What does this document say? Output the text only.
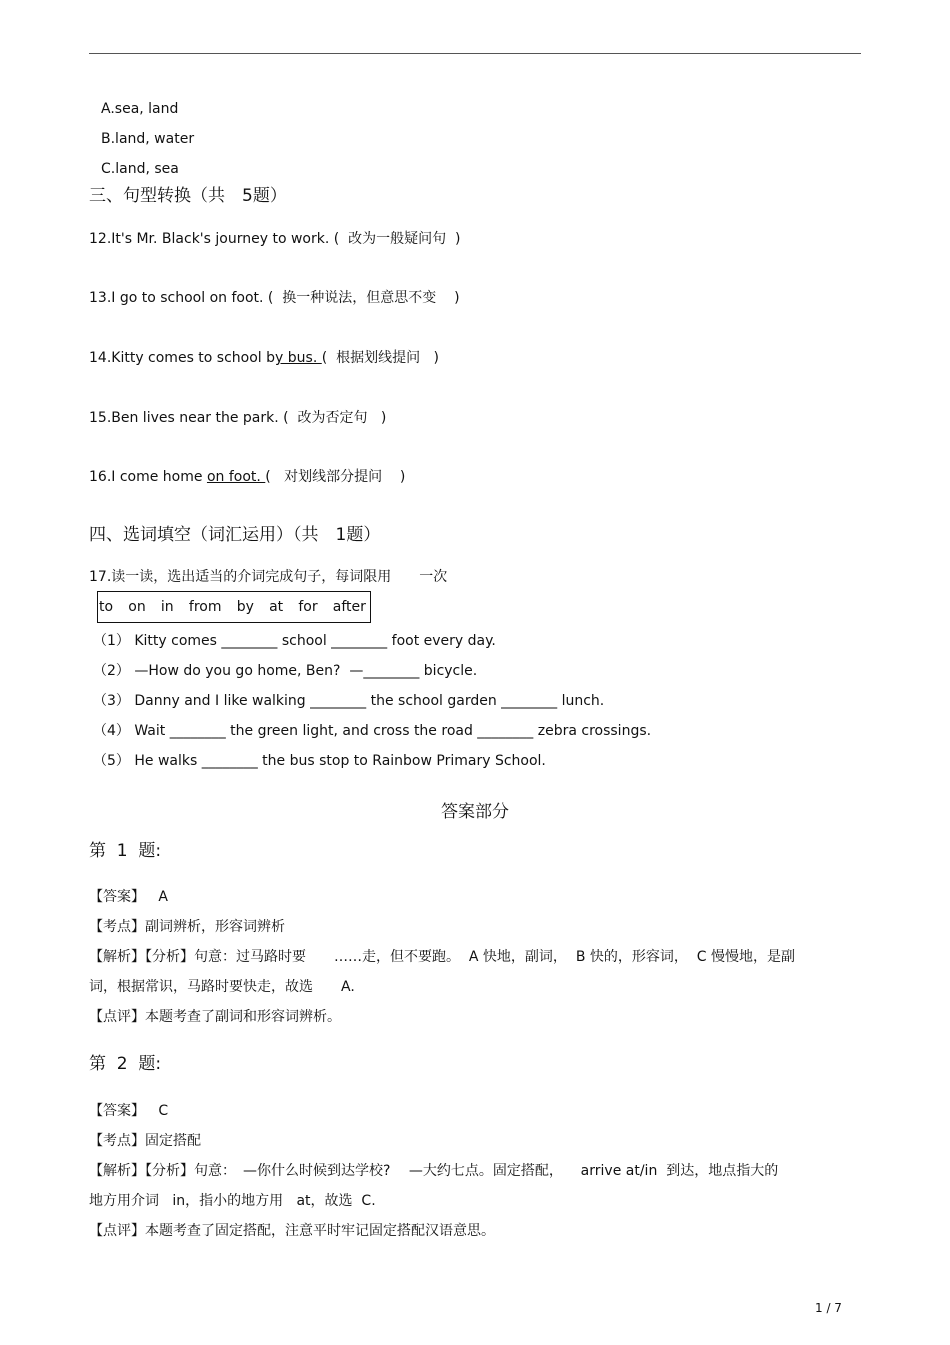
A.sea, land
B.land, water
C.land, sea
三、句型转换（共　5题）
12.It's Mr. Black's journey to work. (  改为一般疑问句  )
13.I go to school on foot. (  换一种说法，但意思不变    )
14.Kitty comes to school by bus. (  根据划线提问   )
15.Ben lives near the park. (  改为否定句   )
16.I come home on foot. (   对划线部分提问    )
四、选词填空（词汇运用）（共　1题）
17.读一读，选出适当的介词完成句子，每词限用　　一次
to on in from by at for after
（1） Kitty comes ________ school ________ foot every day.
（2） —How do you go home, Ben?  —________ bicycle.
（3） Danny and I like walking ________ the school garden ________ lunch.
（4） Wait ________ the green light, and cross the road ________ zebra crossings.
（5） He walks ________ the bus stop to Rainbow Primary School.
答案部分
第  1  题:
【答案】   A
【考点】副词辨析，形容词辨析
【解析】【分析】句意：过马路时要　　……走，但不要跑。  A 快地，副词，  B 快的，形容词，  C 慢慢地，是副
词，根据常识，马路时要快走，故选　　A.
【点评】本题考查了副词和形容词辨析。
第  2  题:
【答案】   C
【考点】固定搭配
【解析】【分析】句意：　—你什么时候到达学校?　 —大约七点。固定搭配，    arrive at/in  到达，地点指大的
地方用介词   in，指小的地方用   at，故选  C.
【点评】本题考查了固定搭配，注意平时牢记固定搭配汉语意思。
1 / 7
